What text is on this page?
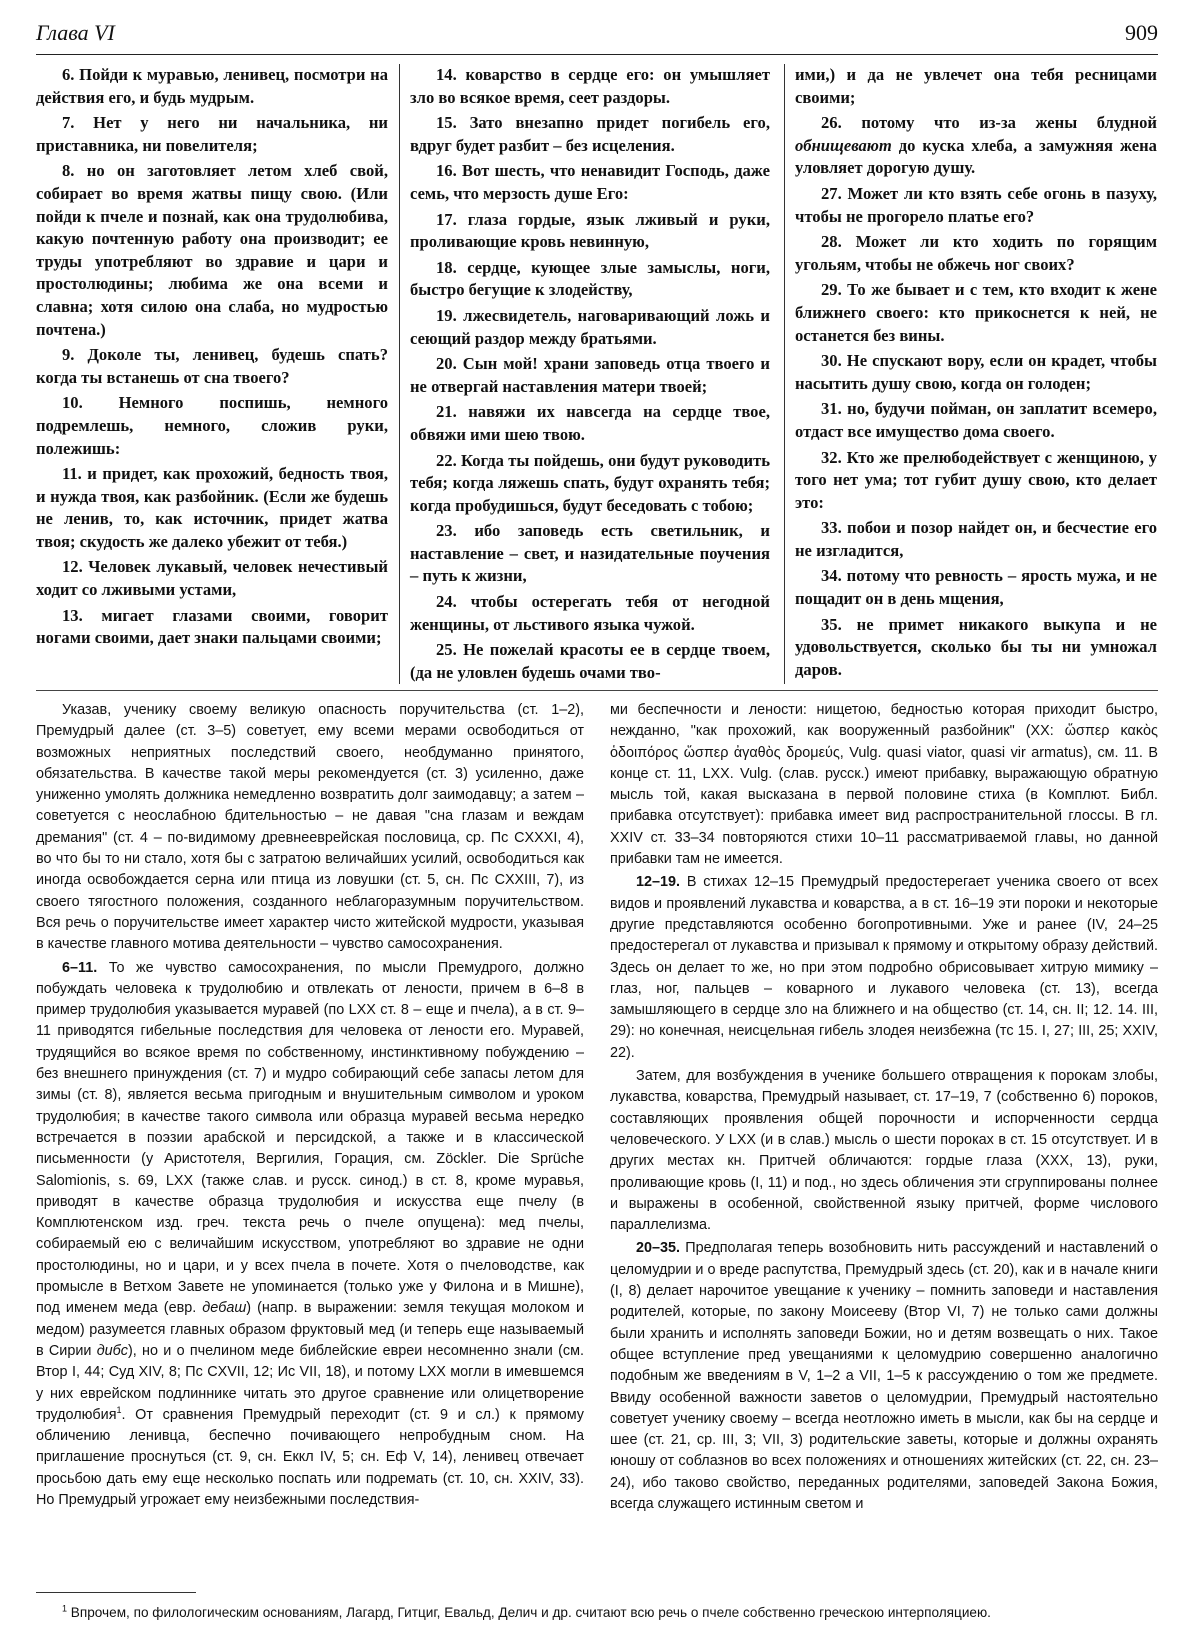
Глава VI	909

6. Пойди к муравью, ленивец, посмотри на действия его, и будь мудрым.

7. Нет у него ни начальника, ни приставника, ни повелителя;

8. но он заготовляет летом хлеб свой, собирает во время жатвы пищу свою. (Или пойди к пчеле и познай, как она трудолюбива, какую почтенную работу она производит; ее труды употребляют во здравие и цари и простолюдины; любима же она всеми и славна; хотя силою она слаба, но мудростью почтена.)

9. Доколе ты, ленивец, будешь спать? когда ты встанешь от сна твоего?

10. Немного поспишь, немного подремлешь, немного, сложив руки, полежишь:

11. и придет, как прохожий, бедность твоя, и нужда твоя, как разбойник. (Если же будешь не ленив, то, как источник, придет жатва твоя; скудость же далеко убежит от тебя.)

12. Человек лукавый, человек нечестивый ходит со лживыми устами,

13. мигает глазами своими, говорит ногами своими, дает знаки пальцами своими;

14. коварство в сердце его: он умышляет зло во всякое время, сеет раздоры.

15. Зато внезапно придет погибель его, вдруг будет разбит – без исцеления.

16. Вот шесть, что ненавидит Господь, даже семь, что мерзость душе Его:

17. глаза гордые, язык лживый и руки, проливающие кровь невинную,

18. сердце, кующее злые замыслы, ноги, быстро бегущие к злодейству,

19. лжесвидетель, наговаривающий ложь и сеющий раздор между братьями.

20. Сын мой! храни заповедь отца твоего и не отвергай наставления матери твоей;

21. навяжи их навсегда на сердце твое, обвяжи ими шею твою.

22. Когда ты пойдешь, они будут руководить тебя; когда ляжешь спать, будут охранять тебя; когда пробудишься, будут беседовать с тобою;

23. ибо заповедь есть светильник, и наставление – свет, и назидательные поучения – путь к жизни,

24. чтобы остерегать тебя от негодной женщины, от льстивого языка чужой.

25. Не пожелай красоты ее в сердце твоем, (да не уловлен будешь очами тво-

ими,) и да не увлечет она тебя ресницами своими;

26. потому что из-за жены блудной обнищевают до куска хлеба, а замужняя жена уловляет дорогую душу.

27. Может ли кто взять себе огонь в пазуху, чтобы не прогорело платье его?

28. Может ли кто ходить по горящим угольям, чтобы не обжечь ног своих?

29. То же бывает и с тем, кто входит к жене ближнего своего: кто прикоснется к ней, не останется без вины.

30. Не спускают вору, если он крадет, чтобы насытить душу свою, когда он голоден;

31. но, будучи пойман, он заплатит всемеро, отдаст все имущество дома своего.

32. Кто же прелюбодействует с женщиною, у того нет ума; тот губит душу свою, кто делает это:

33. побои и позор найдет он, и бесчестие его не изгладится,

34. потому что ревность – ярость мужа, и не пощадит он в день мщения,

35. не примет никакого выкупа и не удовольствуется, сколько бы ты ни умножал даров.

Указав, ученику своему великую опасность поручительства (ст. 1–2), Премудрый далее (ст. 3–5) советует, ему всеми мерами освободиться от возможных неприятных последствий своего, необдуманно принятого, обязательства. В качестве такой меры рекомендуется (ст. 3) усиленно, даже униженно умолять должника немедленно возвратить долг заимодавцу; а затем – советуется с неослабною бдительностью – не давая "сна глазам и веждам дремания" (ст. 4 – по-видимому древнееврейская пословица, ср. Пс CXXXI, 4), во что бы то ни стало, хотя бы с затратою величайших усилий, освободиться как иногда освобождается серна или птица из ловушки (ст. 5, сн. Пс CXXIII, 7), из своего тягостного положения, созданного неблагоразумным поручительством. Вся речь о поручительстве имеет характер чисто житейской мудрости, указывая в качестве главного мотива деятельности – чувство самосохранения.

6–11. То же чувство самосохранения, по мысли Премудрого, должно побуждать человека к трудолюбию и отвлекать от лености, причем в 6–8 в пример трудолюбия указывается муравей (по LXX ст. 8 – еще и пчела), а в ст. 9–11 приводятся гибельные последствия для человека от лености его. Муравей, трудящийся во всякое время по собственному, инстинктивному побуждению – без внешнего принуждения (ст. 7) и мудро собирающий себе запасы летом для зимы (ст. 8), является весьма пригодным и внушительным символом и уроком трудолюбия; в качестве такого символа или образца муравей весьма нередко встречается в поэзии арабской и персидской, а также и в классической письменности (у Аристотеля, Вергилия, Горация, см. Zöckler. Die Sprüche Salomionis, s. 69, LXX (также слав. и русск. синод.) в ст. 8, кроме муравья, приводят в качестве образца трудолюбия и искусства еще пчелу (в Комплютенском изд. греч. текста речь о пчеле опущена): мед пчелы, собираемый ею с величайшим искусством, употребляют во здравие не одни простолюдины, но и цари, и у всех пчела в почете. Хотя о пчеловодстве, как промысле в Ветхом Завете не упоминается (только уже у Филона и в Мишне), под именем меда (евр. дебаш) (напр. в выражении: земля текущая молоком и медом) разумеется главных образом фруктовый мед (и теперь еще называемый в Сирии дибс), но и о пчелином меде библейские евреи несомненно знали (см. Втор I, 44; Суд XIV, 8; Пс CXVII, 12; Ис VII, 18), и потому LXX могли в имевшемся у них еврейском подлиннике читать это другое сравнение или олицетворение трудолюбия$^1$. От сравнения Премудрый переходит (ст. 9 и сл.) к прямому обличению ленивца, беспечно почивающего непробудным сном. На приглашение проснуться (ст. 9, сн. Еккл IV, 5; сн. Еф V, 14), ленивец отвечает просьбою дать ему еще несколько поспать или подремать (ст. 10, сн. XXIV, 33). Но Премудрый угрожает ему неизбежными последствия-

ми беспечности и лености: нищетою, бедностью которая приходит быстро, нежданно, "как прохожий, как вооруженный разбойник" (XX: ὥσπερ κακὸς ὁδοιπόρος ὥσπερ ἀγαθὸς δρομεύς, Vulg. quasi viator, quasi vir armatus), см. 11. В конце ст. 11, LXX. Vulg. (слав. русск.) имеют прибавку, выражающую обратную мысль той, какая высказана в первой половине стиха (в Комплют. Библ. прибавка отсутствует): прибавка имеет вид распространительной глоссы. В гл. XXIV ст. 33–34 повторяются стихи 10–11 рассматриваемой главы, но данной прибавки там не имеется.

12–19. В стихах 12–15 Премудрый предостерегает ученика своего от всех видов и проявлений лукавства и коварства, а в ст. 16–19 эти пороки и некоторые другие представляются особенно богопротивными. Уже и ранее (IV, 24–25 предостерегал от лукавства и призывал к прямому и открытому образу действий. Здесь он делает то же, но при этом подробно обрисовывает хитрую мимику – глаз, ног, пальцев – коварного и лукавого человека (ст. 13), всегда замышляющего в сердце зло на ближнего и на общество (ст. 14, сн. II; 12. 14. III, 29): но конечная, неисцельная гибель злодея неизбежна (тс 15. I, 27; III, 25; XXIV, 22).

Затем, для возбуждения в ученике большего отвращения к порокам злобы, лукавства, коварства, Премудрый называет, ст. 17–19, 7 (собственно 6) пороков, составляющих проявления общей порочности и испорченности сердца человеческого. У LXX (и в слав.) мысль о шести пороках в ст. 15 отсутствует. И в других местах кн. Притчей обличаются: гордые глаза (XXX, 13), руки, проливающие кровь (I, 11) и под., но здесь обличения эти сгруппированы полнее и выражены в особенной, свойственной языку притчей, форме числового параллелизма.

20–35. Предполагая теперь возобновить нить рассуждений и наставлений о целомудрии и о вреде распутства, Премудрый здесь (ст. 20), как и в начале книги (I, 8) делает нарочитое увещание к ученику – помнить заповеди и наставления родителей, которые, по закону Моисееву (Втор VI, 7) не только сами должны были хранить и исполнять заповеди Божии, но и детям возвещать о них. Такое общее вступление пред увещаниями к целомудрию совершенно аналогично подобным же введениям в V, 1–2 а VII, 1–5 к рассуждению о том же предмете. Ввиду особенной важности заветов о целомудрии, Премудрый настоятельно советует ученику своему – всегда неотложно иметь в мысли, как бы на сердце и шее (ст. 21, ср. III, 3; VII, 3) родительские заветы, которые и должны охранять юношу от соблазнов во всех положениях и отношениях житейских (ст. 22, сн. 23–24), ибо таково свойство, переданных родителями, заповедей Закона Божия, всегда служащего истинным светом и

$^1$ Впрочем, по филологическим основаниям, Лагард, Гитциг, Евальд, Делич и др. считают всю речь о пчеле собственно греческою интерполяциею.
